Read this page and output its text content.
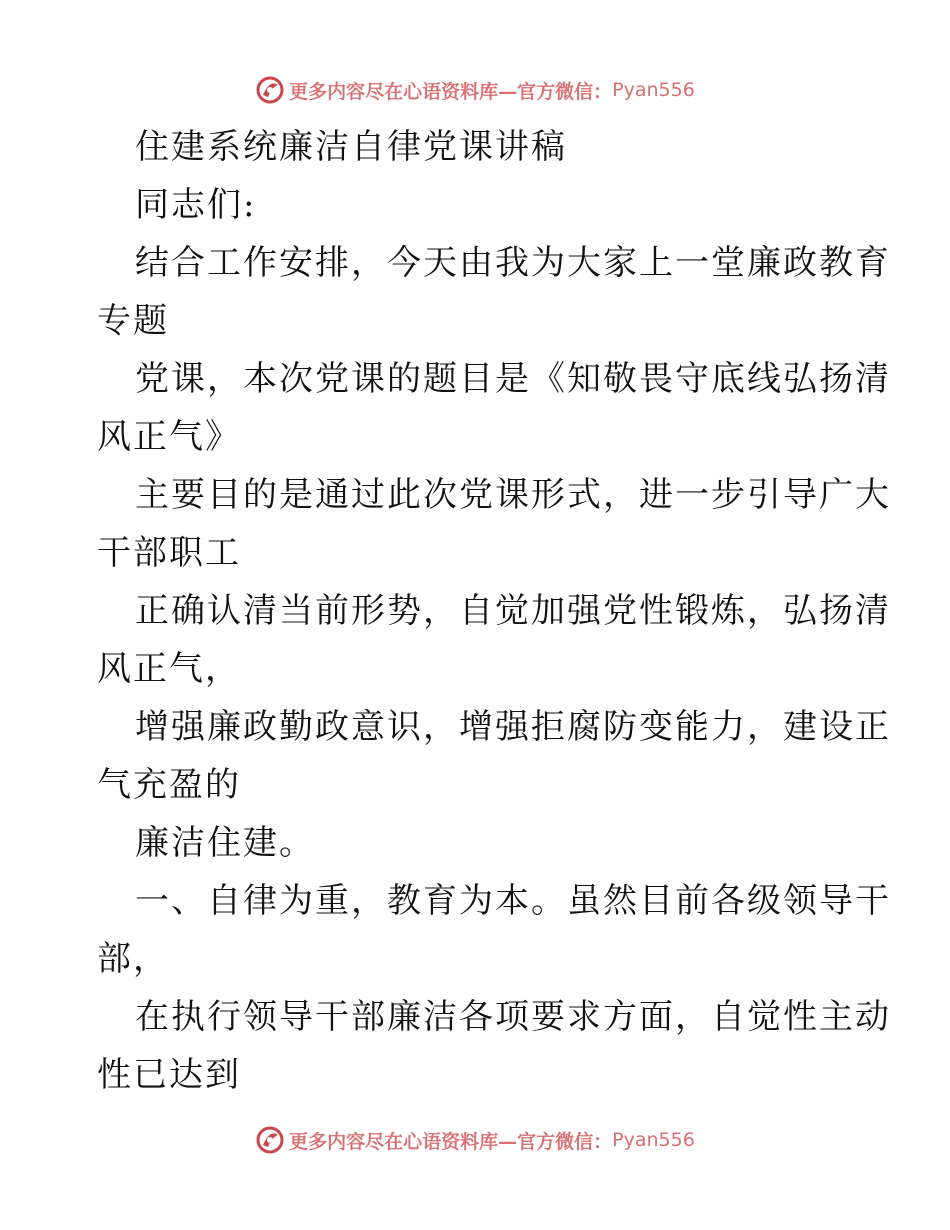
更多内容尽在心语资料库—官方微信： Pyan556
住建系统廉洁自律党课讲稿
同志们:
结合工作安排，今天由我为大家上一堂廉政教育
专题
党课，本次党课的题目是《知敬畏守底线弘扬清
风正气》
主要目的是通过此次党课形式，进一步引导广大
干部职工
正确认清当前形势，自觉加强党性锻炼，弘扬清
风正气，
增强廉政勤政意识，增强拒腐防变能力，建设正
气充盈的
廉洁住建。
一、自律为重，教育为本。虽然目前各级领导干
部，
在执行领导干部廉洁各项要求方面，自觉性主动
性已达到
更多内容尽在心语资料库—官方微信： Pyan556
